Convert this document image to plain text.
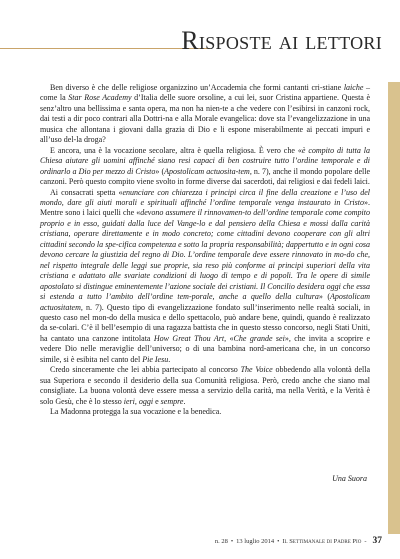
Risposte ai lettori

Ben diverso è che delle religiose organizzino un’Accademia che formi cantanti cri-stiane laiche – come la Star Rose Academy d’Italia delle suore orsoline, a cui lei, suor Cristina appartiene. Questa è senz’altro una bellissima e santa opera, ma non ha nien-te a che vedere con l’esibirsi in canzoni rock, dai testi a dir poco contrari alla Dottri-na e alla Morale evangelica: dove sta l’evangelizzazione in una musica che allontana i giovani dalla grazia di Dio e li espone miserabilmente ai peccati impuri e all’uso del-la droga?

E ancora, una è la vocazione secolare, altra è quella religiosa. È vero che «è compito di tutta la Chiesa aiutare gli uomini affinché siano resi capaci di ben costruire tutto l’ordine temporale e di ordinarlo a Dio per mezzo di Cristo» (Apostolicam actuosita-tem, n. 7), anche il mondo popolare delle canzoni. Però questo compito viene svolto in forme diverse dai sacerdoti, dai religiosi e dai fedeli laici.

Ai consacrati spetta «enunciare con chiarezza i principi circa il fine della creazione e l’uso del mondo, dare gli aiuti morali e spirituali affinché l’ordine temporale venga instaurato in Cristo». Mentre sono i laici quelli che «devono assumere il rinnovamen-to dell’ordine temporale come compito proprio e in esso, guidati dalla luce del Vange-lo e dal pensiero della Chiesa e mossi dalla carità cristiana, operare direttamente e in modo concreto; come cittadini devono cooperare con gli altri cittadini secondo la spe-cifica competenza e sotto la propria responsabilità; dappertutto e in ogni cosa devono cercare la giustizia del regno di Dio. L’ordine temporale deve essere rinnovato in mo-do che, nel rispetto integrale delle leggi sue proprie, sia reso più conforme ai principi superiori della vita cristiana e adattato alle svariate condizioni di luogo di tempo e di popoli. Tra le opere di simile apostolato si distingue eminentemente l’azione sociale dei cristiani. Il Concilio desidera oggi che essa si estenda a tutto l’ambito dell’ordine tem-porale, anche a quello della cultura» (Apostolicam actuositatem, n. 7). Questo tipo di evangelizzazione fondato sull’inserimento nelle realtà sociali, in questo caso nel mon-do della musica e dello spettacolo, può andare bene, quindi, quando è realizzato da se-colari. C’è il bell’esempio di una ragazza battista che in questo stesso concorso, negli Stati Uniti, ha cantato una canzone intitolata How Great Thou Art, «Che grande sei», che invita a scoprire e vedere Dio nelle meraviglie dell’universo; o di una bambina nord-americana che, in un concorso simile, si è esibita nel canto del Pie Iesu.

Credo sinceramente che lei abbia partecipato al concorso The Voice obbedendo alla volontà della sua Superiora e secondo il desiderio della sua Comunità religiosa. Però, credo anche che siano mal consigliate. La buona volontà deve essere messa a servizio della carità, ma nella Verità, e la Verità è solo Gesù, che è lo stesso ieri, oggi e sempre.

La Madonna protegga la sua vocazione e la benedica.

Una Suora
n. 28 • 13 luglio 2014 • Il Settimanale di Padre Pio - 37
